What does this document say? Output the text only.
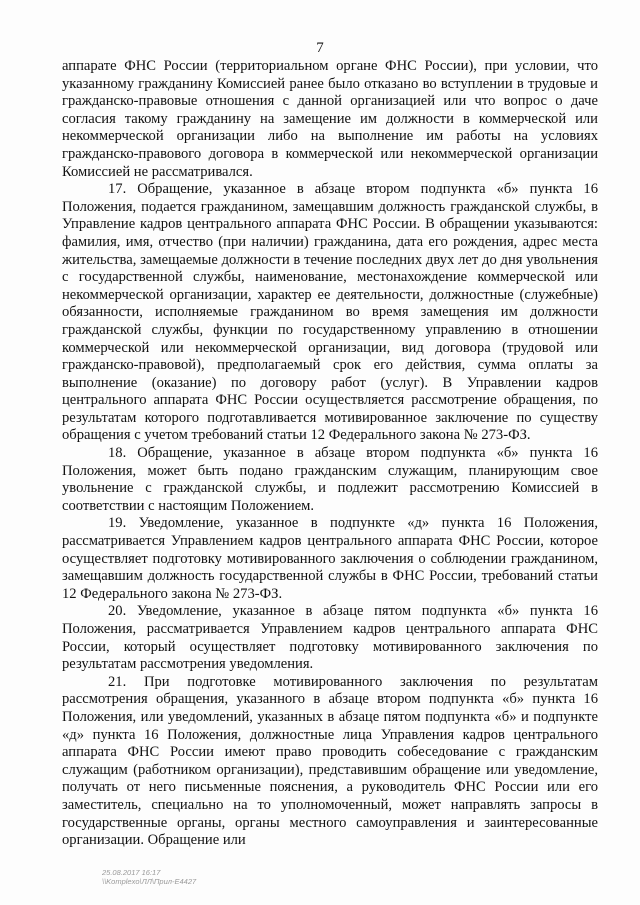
7

аппарате ФНС России (территориальном органе ФНС России), при условии, что указанному гражданину Комиссией ранее было отказано во вступлении в трудовые и гражданско-правовые отношения с данной организацией или что вопрос о даче согласия такому гражданину на замещение им должности в коммерческой или некоммерческой организации либо на выполнение им работы на условиях гражданско-правового договора в коммерческой или некоммерческой организации Комиссией не рассматривался.

17. Обращение, указанное в абзаце втором подпункта «б» пункта 16 Положения, подается гражданином, замещавшим должность гражданской службы, в Управление кадров центрального аппарата ФНС России. В обращении указываются: фамилия, имя, отчество (при наличии) гражданина, дата его рождения, адрес места жительства, замещаемые должности в течение последних двух лет до дня увольнения с государственной службы, наименование, местонахождение коммерческой или некоммерческой организации, характер ее деятельности, должностные (служебные) обязанности, исполняемые гражданином во время замещения им должности гражданской службы, функции по государственному управлению в отношении коммерческой или некоммерческой организации, вид договора (трудовой или гражданско-правовой), предполагаемый срок его действия, сумма оплаты за выполнение (оказание) по договору работ (услуг). В Управлении кадров центрального аппарата ФНС России осуществляется рассмотрение обращения, по результатам которого подготавливается мотивированное заключение по существу обращения с учетом требований статьи 12 Федерального закона № 273-ФЗ.

18. Обращение, указанное в абзаце втором подпункта «б» пункта 16 Положения, может быть подано гражданским служащим, планирующим свое увольнение с гражданской службы, и подлежит рассмотрению Комиссией в соответствии с настоящим Положением.

19. Уведомление, указанное в подпункте «д» пункта 16 Положения, рассматривается Управлением кадров центрального аппарата ФНС России, которое осуществляет подготовку мотивированного заключения о соблюдении гражданином, замещавшим должность государственной службы в ФНС России, требований статьи 12 Федерального закона № 273-ФЗ.

20. Уведомление, указанное в абзаце пятом подпункта «б» пункта 16 Положения, рассматривается Управлением кадров центрального аппарата ФНС России, который осуществляет подготовку мотивированного заключения по результатам рассмотрения уведомления.

21. При подготовке мотивированного заключения по результатам рассмотрения обращения, указанного в абзаце втором подпункта «б» пункта 16 Положения, или уведомлений, указанных в абзаце пятом подпункта «б» и подпункте «д» пункта 16 Положения, должностные лица Управления кадров центрального аппарата ФНС России имеют право проводить собеседование с гражданским служащим (работником организации), представившим обращение или уведомление, получать от него письменные пояснения, а руководитель ФНС России или его заместитель, специально на то уполномоченный, может направлять запросы в государственные органы, органы местного самоуправления и заинтересованные организации. Обращение или

25.08.2017 16:17
\\Komplexo\ЛЛ\Прил-Е4427
